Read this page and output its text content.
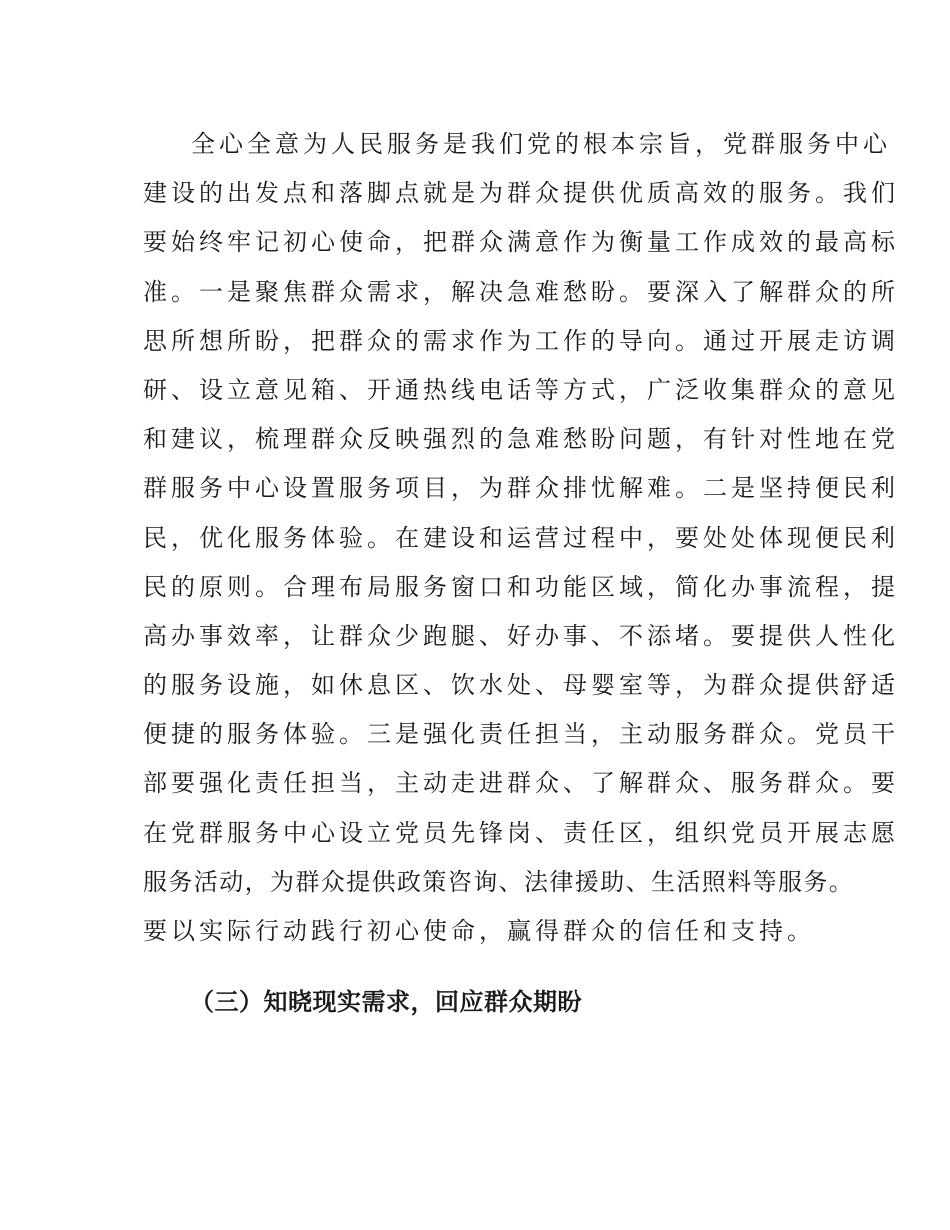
全心全意为人民服务是我们党的根本宗旨，党群服务中心
建设的出发点和落脚点就是为群众提供优质高效的服务。我们
要始终牢记初心使命，把群众满意作为衡量工作成效的最高标
准。一是聚焦群众需求，解决急难愁盼。要深入了解群众的所
思所想所盼，把群众的需求作为工作的导向。通过开展走访调
研、设立意见箱、开通热线电话等方式，广泛收集群众的意见
和建议，梳理群众反映强烈的急难愁盼问题，有针对性地在党
群服务中心设置服务项目，为群众排忧解难。二是坚持便民利
民，优化服务体验。在建设和运营过程中，要处处体现便民利
民的原则。合理布局服务窗口和功能区域，简化办事流程，提
高办事效率，让群众少跑腿、好办事、不添堵。要提供人性化
的服务设施，如休息区、饮水处、母婴室等，为群众提供舒适
便捷的服务体验。三是强化责任担当，主动服务群众。党员干
部要强化责任担当，主动走进群众、了解群众、服务群众。要
在党群服务中心设立党员先锋岗、责任区，组织党员开展志愿
服务活动，为群众提供政策咨询、法律援助、生活照料等服务。
要以实际行动践行初心使命，赢得群众的信任和支持。
（三）知晓现实需求，回应群众期盼
